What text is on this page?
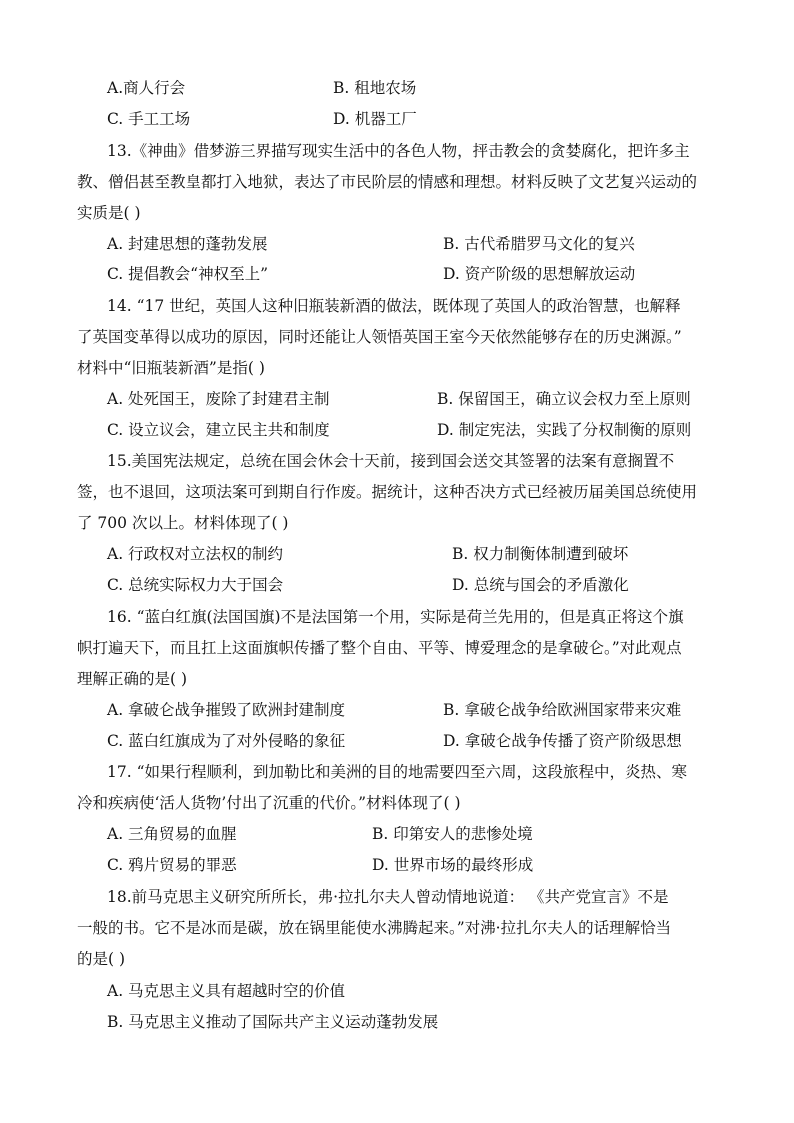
A.商人行会	B. 租地农场
C. 手工工场	D. 机器工厂
13.《神曲》借梦游三界描写现实生活中的各色人物，抨击教会的贪婪腐化，把许多主
教、僧侣甚至教皇都打入地狱，表达了市民阶层的情感和理想。材料反映了文艺复兴运动的
实质是( )
A. 封建思想的蓬勃发展	B. 古代希腊罗马文化的复兴
C. 提倡教会“神权至上”	D. 资产阶级的思想解放运动
14. “17 世纪，英国人这种旧瓶装新酒的做法，既体现了英国人的政治智慧，也解释
了英国变革得以成功的原因，同时还能让人领悟英国王室今天依然能够存在的历史渊源。”
材料中“旧瓶装新酒”是指( )
A. 处死国王，废除了封建君主制	B. 保留国王，确立议会权力至上原则
C. 设立议会，建立民主共和制度	D. 制定宪法，实践了分权制衡的原则
15.美国宪法规定，总统在国会休会十天前，接到国会送交其签署的法案有意搁置不
签，也不退回，这项法案可到期自行作废。据统计，这种否决方式已经被历届美国总统使用
了 700 次以上。材料体现了( )
A. 行政权对立法权的制约	B. 权力制衡体制遭到破坏
C. 总统实际权力大于国会	D. 总统与国会的矛盾激化
16. “蓝白红旗(法国国旗)不是法国第一个用，实际是荷兰先用的，但是真正将这个旗
帜打遍天下，而且扛上这面旗帜传播了整个自由、平等、博爱理念的是拿破仑。”对此观点
理解正确的是( )
A. 拿破仑战争摧毁了欧洲封建制度	B. 拿破仑战争给欧洲国家带来灾难
C. 蓝白红旗成为了对外侵略的象征	D. 拿破仑战争传播了资产阶级思想
17. “如果行程顺利，到加勒比和美洲的目的地需要四至六周，这段旅程中，炎热、寒
冷和疾病使‘活人货物’付出了沉重的代价。”材料体现了( )
A. 三角贸易的血腥	B. 印第安人的悲惨处境
C. 鸦片贸易的罪恶	D. 世界市场的最终形成
18.前马克思主义研究所所长，弗·拉扎尔夫人曾动情地说道： 《共产党宣言》不是
一般的书。它不是冰而是碳，放在锅里能使水沸腾起来。”对沸·拉扎尔夫人的话理解恰当
的是( )
A. 马克思主义具有超越时空的价值
B. 马克思主义推动了国际共产主义运动蓬勃发展
